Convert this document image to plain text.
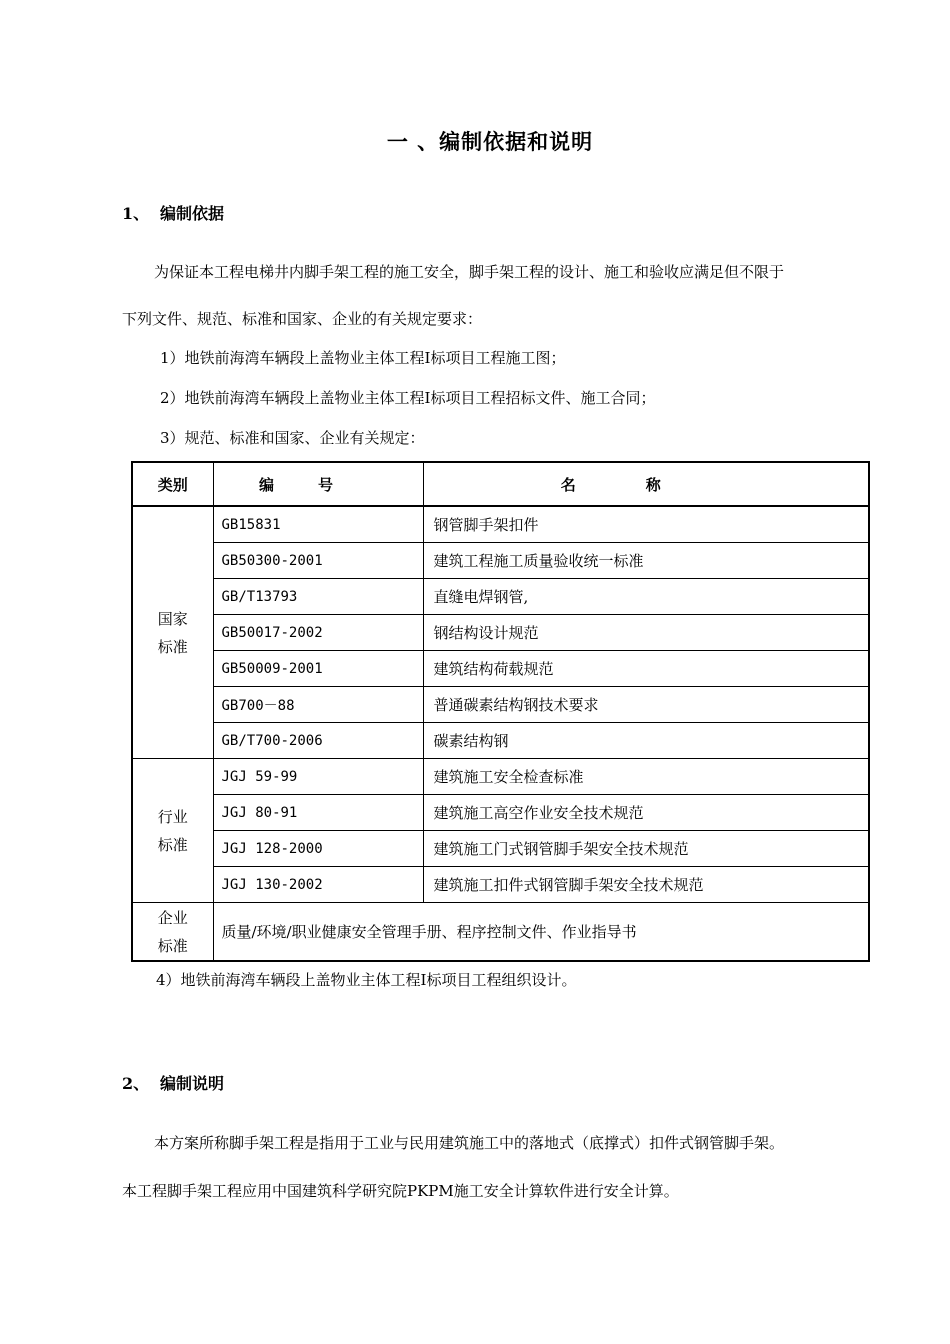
一 、编制依据和说明
1、 编制依据
为保证本工程电梯井内脚手架工程的施工安全，脚手架工程的设计、施工和验收应满足但不限于
下列文件、规范、标准和国家、企业的有关规定要求：
1）地铁前海湾车辆段上盖物业主体工程Ⅰ标项目工程施工图；
2）地铁前海湾车辆段上盖物业主体工程Ⅰ标项目工程招标文件、施工合同；
3）规范、标准和国家、企业有关规定：
类别	编号	名称
国家
标准	GB15831	钢管脚手架扣件
	GB50300-2001	建筑工程施工质量验收统一标准
	GB/T13793	直缝电焊钢管,
	GB50017-2002	钢结构设计规范
	GB50009-2001	建筑结构荷载规范
	GB700－88	普通碳素结构钢技术要求
	GB/T700-2006	碳素结构钢
行业
标准	JGJ 59-99	建筑施工安全检查标准
	JGJ 80-91	建筑施工高空作业安全技术规范
	JGJ 128-2000	建筑施工门式钢管脚手架安全技术规范
	JGJ 130-2002	建筑施工扣件式钢管脚手架安全技术规范
企业
标准	质量/环境/职业健康安全管理手册、程序控制文件、作业指导书	
4）地铁前海湾车辆段上盖物业主体工程Ⅰ标项目工程组织设计。
2、 编制说明
本方案所称脚手架工程是指用于工业与民用建筑施工中的落地式（底撑式）扣件式钢管脚手架。
本工程脚手架工程应用中国建筑科学研究院PKPM施工安全计算软件进行安全计算。
